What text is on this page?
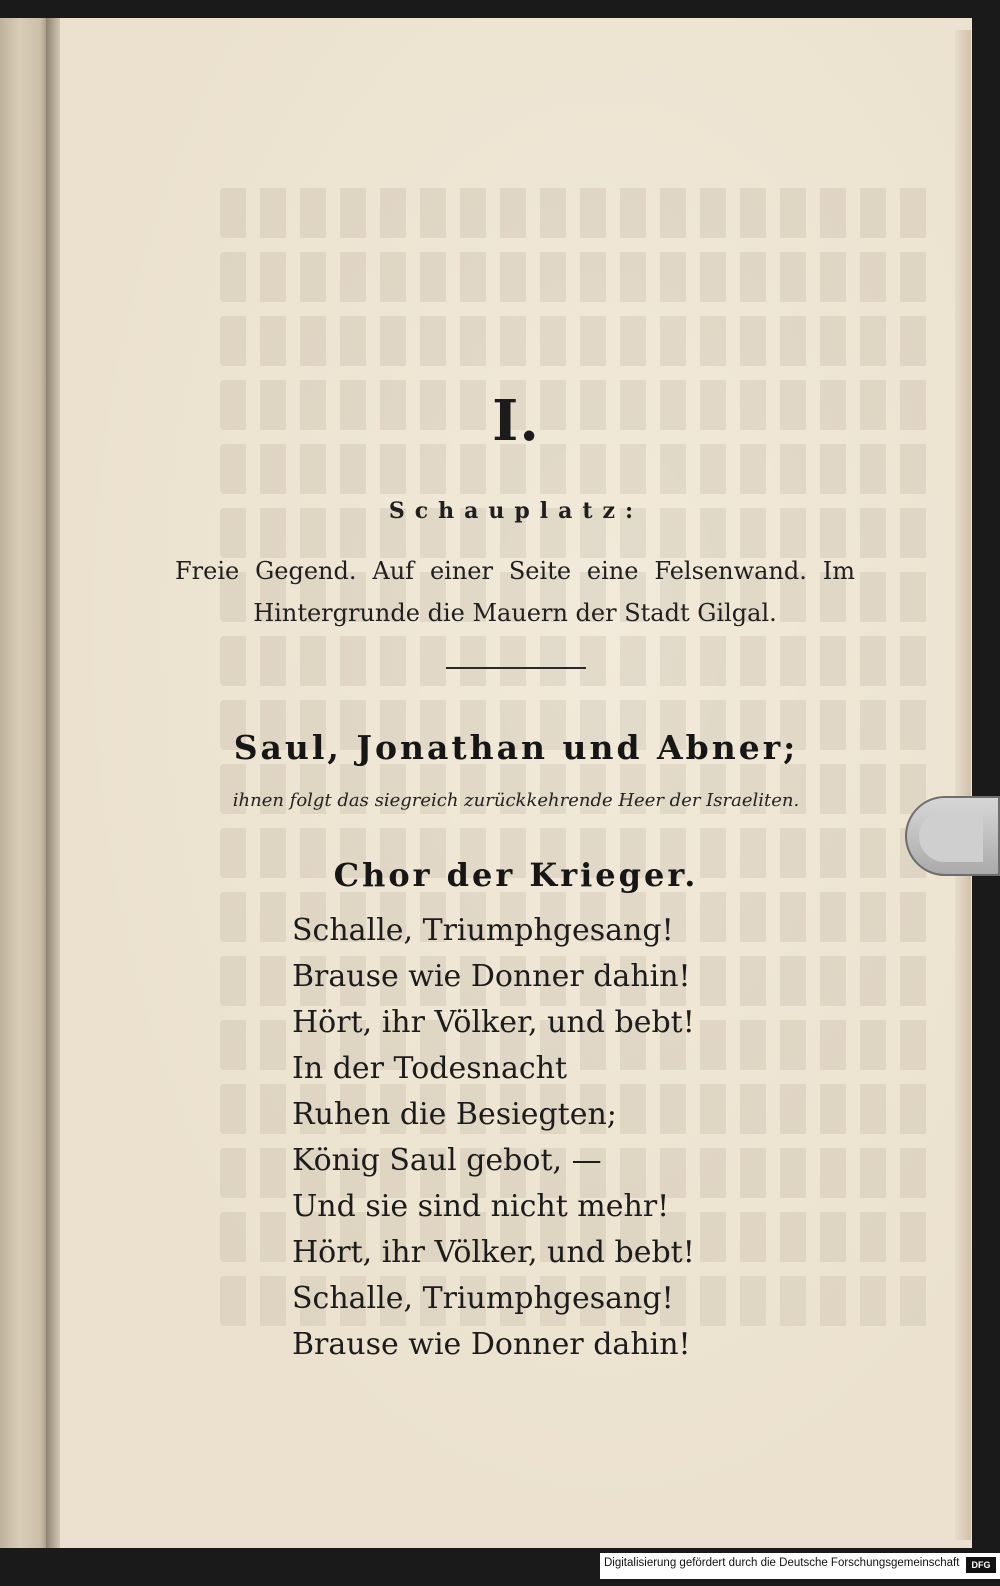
I.
Schauplatz:
Freie Gegend. Auf einer Seite eine Felsenwand. Im Hintergrunde die Mauern der Stadt Gilgal.
Saul, Jonathan und Abner;
ihnen folgt das siegreich zurückkehrende Heer der Israeliten.
Chor der Krieger.
Schalle, Triumphgesang!
Brause wie Donner dahin!
Hört, ihr Völker, und bebt!
In der Todesnacht
Ruhen die Besiegten;
König Saul gebot, —
Und sie sind nicht mehr!
Hört, ihr Völker, und bebt!
Schalle, Triumphgesang!
Brause wie Donner dahin!
Digitalisierung gefördert durch die Deutsche Forschungsgemeinschaft	DFG
